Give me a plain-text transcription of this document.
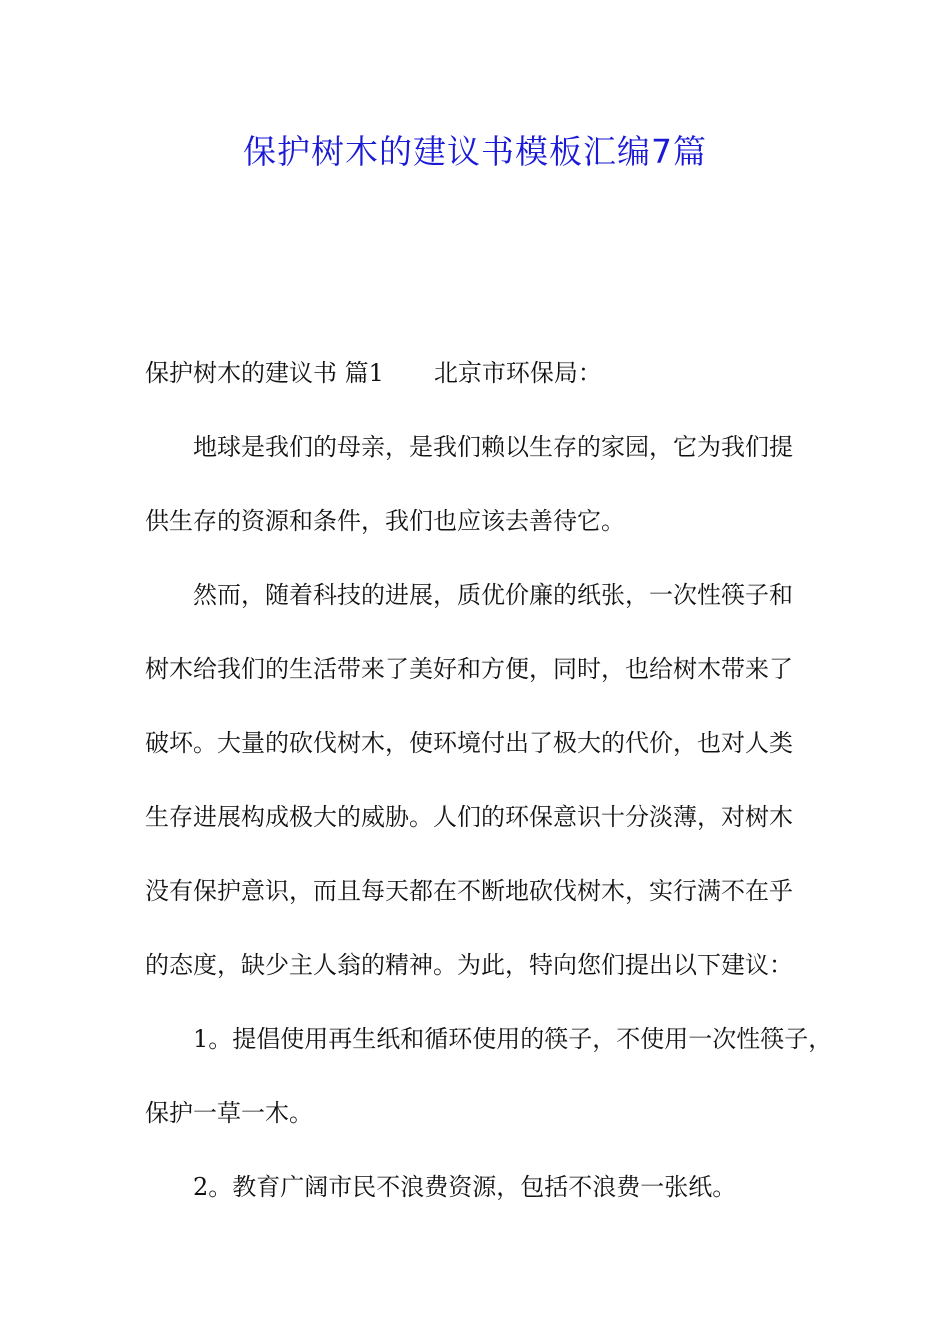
保护树木的建议书模板汇编7篇
保护树木的建议书 篇1 北京市环保局：
地球是我们的母亲，是我们赖以生存的家园，它为我们提
供生存的资源和条件，我们也应该去善待它。
然而，随着科技的进展，质优价廉的纸张，一次性筷子和
树木给我们的生活带来了美好和方便，同时，也给树木带来了
破坏。大量的砍伐树木，使环境付出了极大的代价，也对人类
生存进展构成极大的威胁。人们的环保意识十分淡薄，对树木
没有保护意识，而且每天都在不断地砍伐树木，实行满不在乎
的态度，缺少主人翁的精神。为此，特向您们提出以下建议：
1。提倡使用再生纸和循环使用的筷子，不使用一次性筷子，
保护一草一木。
2。教育广阔市民不浪费资源，包括不浪费一张纸。
